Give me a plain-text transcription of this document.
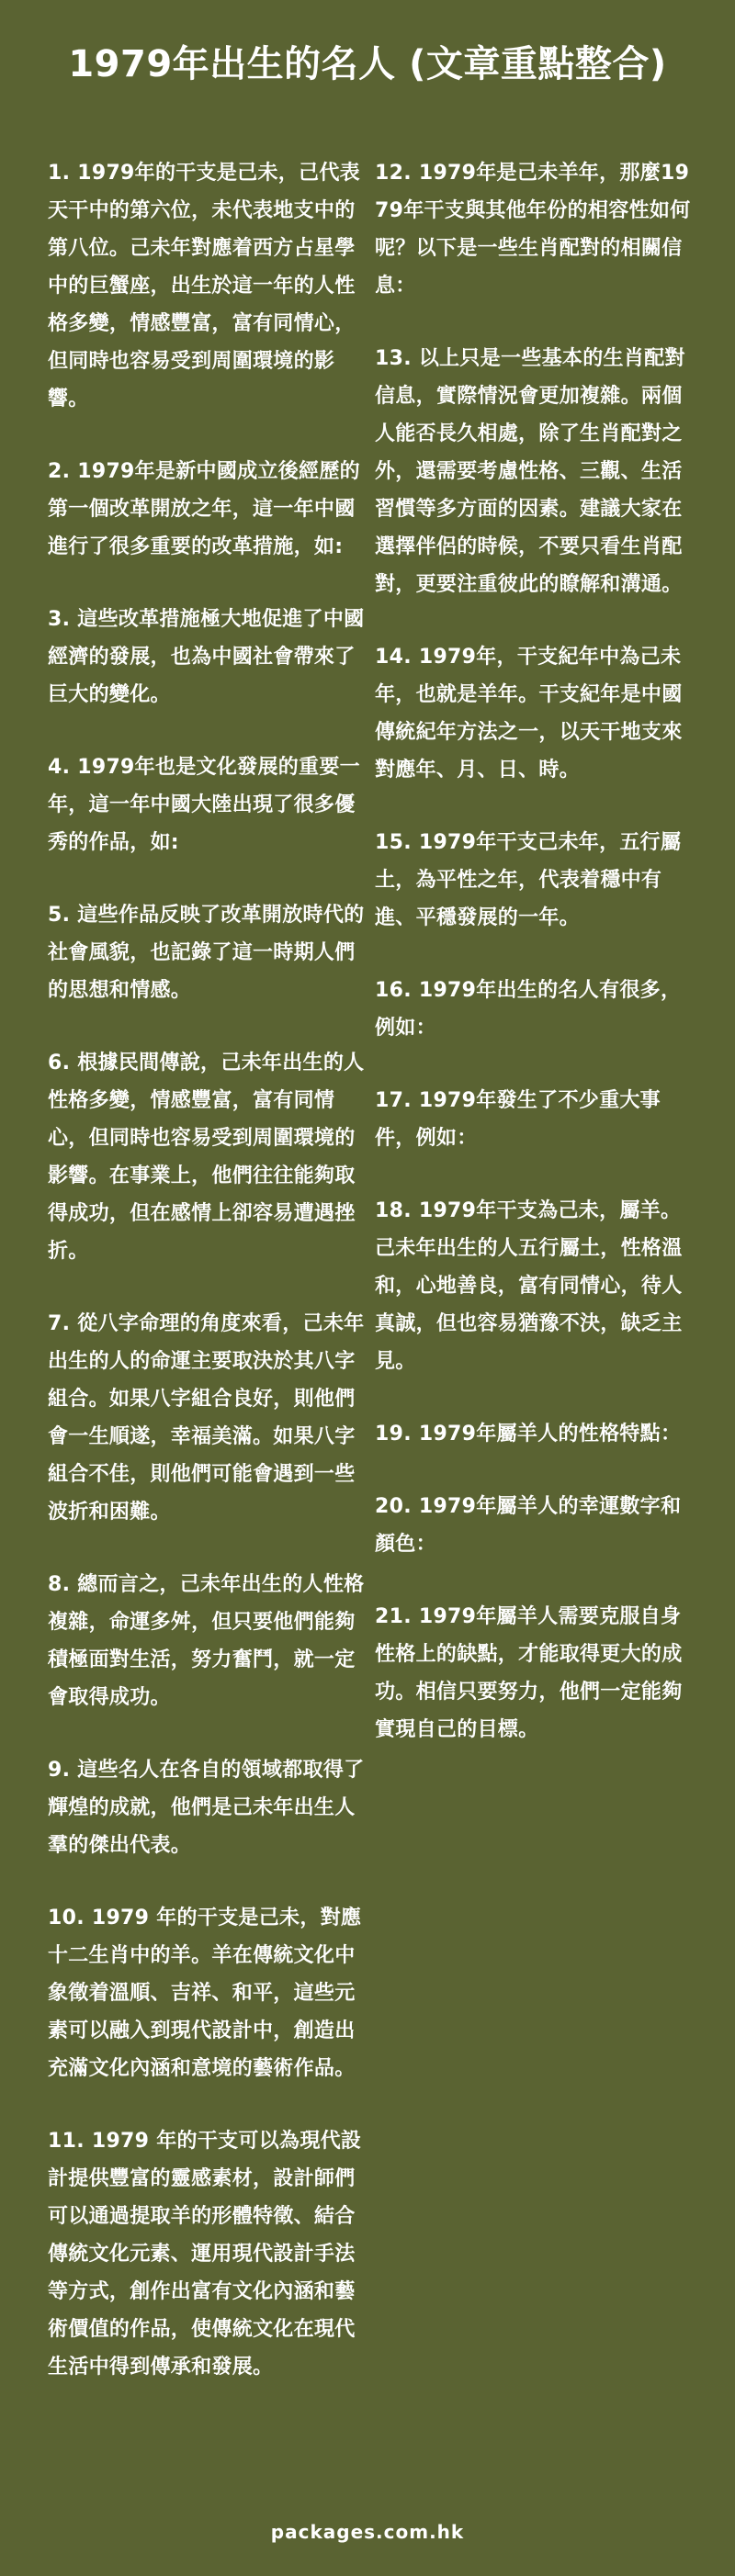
1979年出生的名人 (文章重點整合)

1. 1979年的干支是己未，己代表天干中的第六位，未代表地支中的第八位。己未年對應着西方占星學中的巨蟹座，出生於這一年的人性格多變，情感豐富，富有同情心，但同時也容易受到周圍環境的影響。

2. 1979年是新中國成立後經歷的第一個改革開放之年，這一年中國進行了很多重要的改革措施，如:

3. 這些改革措施極大地促進了中國經濟的發展，也為中國社會帶來了巨大的變化。

4. 1979年也是文化發展的重要一年，這一年中國大陸出現了很多優秀的作品，如:

5. 這些作品反映了改革開放時代的社會風貌，也記錄了這一時期人們的思想和情感。

6. 根據民間傳說，己未年出生的人性格多變，情感豐富，富有同情心，但同時也容易受到周圍環境的影響。在事業上，他們往往能夠取得成功，但在感情上卻容易遭遇挫折。

7. 從八字命理的角度來看，己未年出生的人的命運主要取決於其八字組合。如果八字組合良好，則他們會一生順遂，幸福美滿。如果八字組合不佳，則他們可能會遇到一些波折和困難。

8. 總而言之，己未年出生的人性格複雜，命運多舛，但只要他們能夠積極面對生活，努力奮鬥，就一定會取得成功。

9. 這些名人在各自的領域都取得了輝煌的成就，他們是己未年出生人羣的傑出代表。

10. 1979 年的干支是己未，對應十二生肖中的羊。羊在傳統文化中象徵着溫順、吉祥、和平，這些元素可以融入到現代設計中，創造出充滿文化內涵和意境的藝術作品。

11. 1979 年的干支可以為現代設計提供豐富的靈感素材，設計師們可以通過提取羊的形體特徵、結合傳統文化元素、運用現代設計手法等方式，創作出富有文化內涵和藝術價值的作品，使傳統文化在現代生活中得到傳承和發展。

12. 1979年是己未羊年，那麼1979年干支與其他年份的相容性如何呢？以下是一些生肖配對的相關信息：

13. 以上只是一些基本的生肖配對信息，實際情況會更加複雜。兩個人能否長久相處，除了生肖配對之外，還需要考慮性格、三觀、生活習慣等多方面的因素。建議大家在選擇伴侶的時候，不要只看生肖配對，更要注重彼此的瞭解和溝通。

14. 1979年，干支紀年中為己未年，也就是羊年。干支紀年是中國傳統紀年方法之一，以天干地支來對應年、月、日、時。

15. 1979年干支己未年，五行屬土，為平性之年，代表着穩中有進、平穩發展的一年。

16. 1979年出生的名人有很多，例如：

17. 1979年發生了不少重大事件，例如：

18. 1979年干支為己未，屬羊。己未年出生的人五行屬土，性格溫和，心地善良，富有同情心，待人真誠，但也容易猶豫不決，缺乏主見。

19. 1979年屬羊人的性格特點：

20. 1979年屬羊人的幸運數字和顏色：

21. 1979年屬羊人需要克服自身性格上的缺點，才能取得更大的成功。相信只要努力，他們一定能夠實現自己的目標。

packages.com.hk
